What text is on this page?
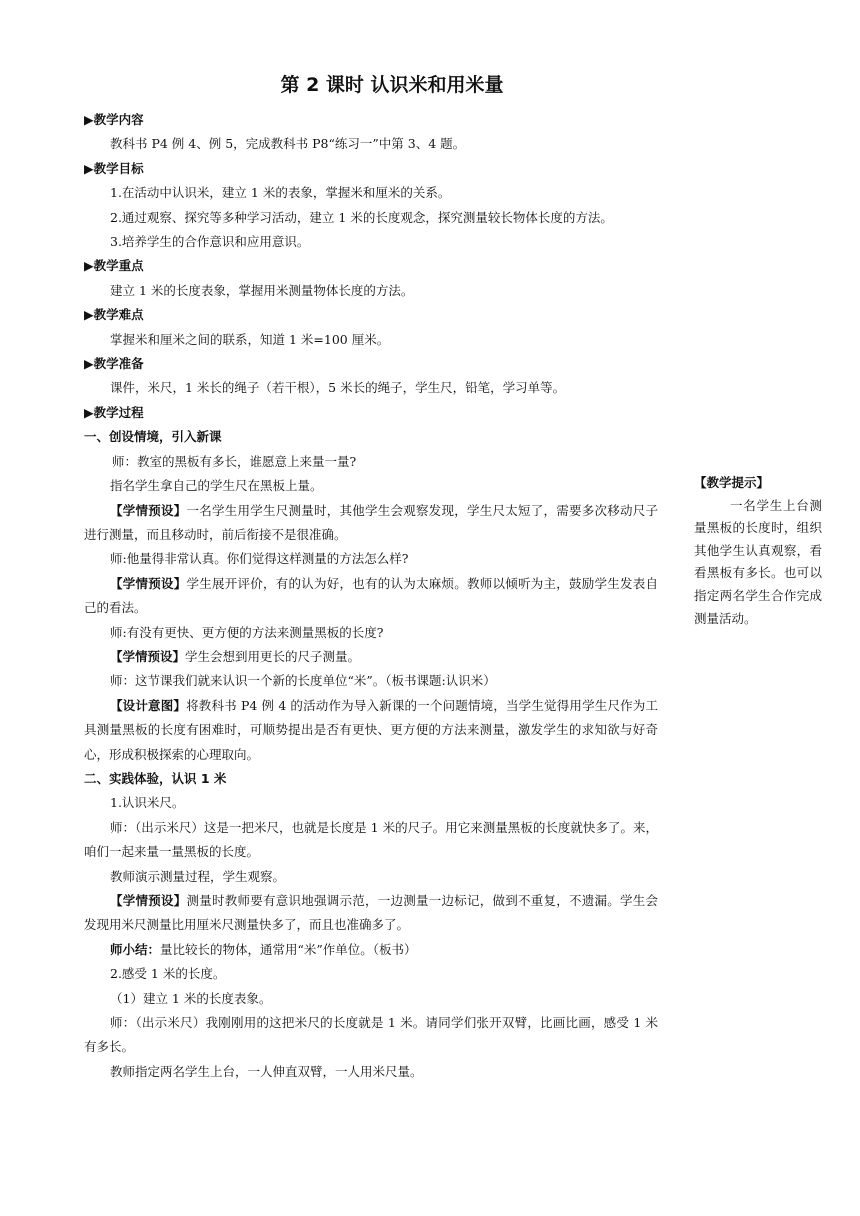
第 2 课时 认识米和用米量

▶教学内容

教科书 P4 例 4、例 5，完成教科书 P8“练习一”中第 3、4 题。

▶教学目标

1.在活动中认识米，建立 1 米的表象，掌握米和厘米的关系。

2.通过观察、探究等多种学习活动，建立 1 米的长度观念，探究测量较长物体长度的方法。

3.培养学生的合作意识和应用意识。

▶教学重点

建立 1 米的长度表象，掌握用米测量物体长度的方法。

▶教学难点

掌握米和厘米之间的联系，知道 1 米=100 厘米。

▶教学准备

课件，米尺，1 米长的绳子（若干根），5 米长的绳子，学生尺，铅笔，学习单等。

▶教学过程

一、创设情境，引入新课

师：教室的黑板有多长，谁愿意上来量一量?

指名学生拿自己的学生尺在黑板上量。

【学情预设】一名学生用学生尺测量时，其他学生会观察发现，学生尺太短了，需要多次移动尺子进行测量，而且移动时，前后衔接不是很准确。

师:他量得非常认真。你们觉得这样测量的方法怎么样?

【学情预设】学生展开评价，有的认为好，也有的认为太麻烦。教师以倾听为主，鼓励学生发表自己的看法。

师:有没有更快、更方便的方法来测量黑板的长度?

【学情预设】学生会想到用更长的尺子测量。

师：这节课我们就来认识一个新的长度单位“米”。（板书课题:认识米）

【设计意图】将教科书 P4 例 4 的活动作为导入新课的一个问题情境，当学生觉得用学生尺作为工具测量黑板的长度有困难时，可顺势提出是否有更快、更方便的方法来测量，激发学生的求知欲与好奇心，形成积极探索的心理取向。

二、实践体验，认识 1 米

1.认识米尺。

师：（出示米尺）这是一把米尺，也就是长度是 1 米的尺子。用它来测量黑板的长度就快多了。来，咱们一起来量一量黑板的长度。

教师演示测量过程，学生观察。

【学情预设】测量时教师要有意识地强调示范，一边测量一边标记，做到不重复，不遗漏。学生会发现用米尺测量比用厘米尺测量快多了，而且也准确多了。

师小结：量比较长的物体，通常用“米”作单位。（板书）

2.感受 1 米的长度。

（1）建立 1 米的长度表象。

师：（出示米尺）我刚刚用的这把米尺的长度就是 1 米。请同学们张开双臂，比画比画，感受 1 米有多长。

教师指定两名学生上台，一人伸直双臂，一人用米尺量。

【教学提示】

一名学生上台测量黑板的长度时，组织其他学生认真观察，看看黑板有多长。也可以指定两名学生合作完成测量活动。
